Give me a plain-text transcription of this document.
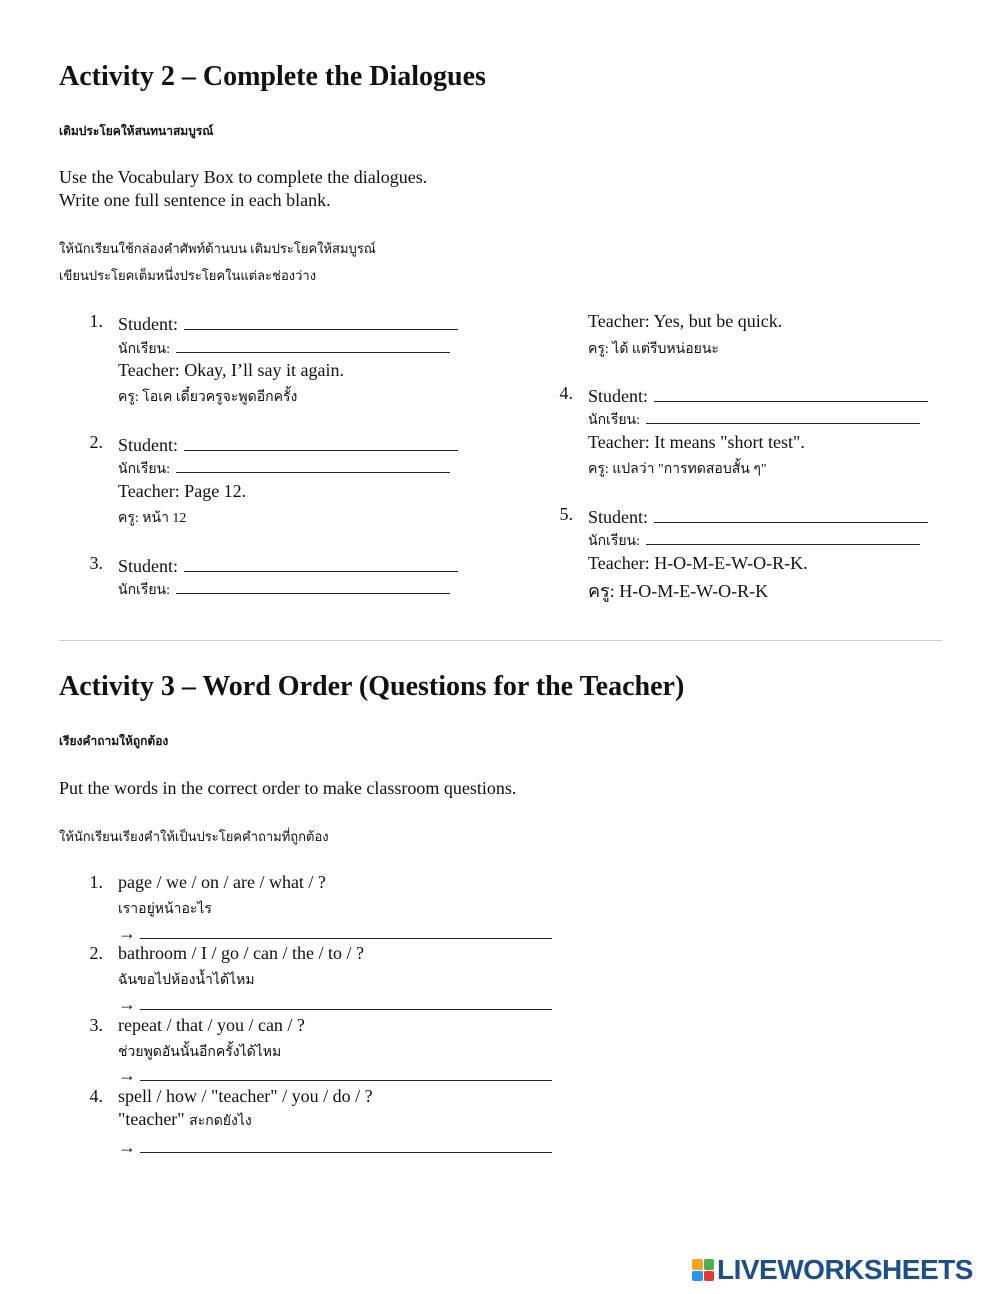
Activity 2 – Complete the Dialogues
เติมประโยคให้สนทนาสมบูรณ์
Use the Vocabulary Box to complete the dialogues.
Write one full sentence in each blank.
ให้นักเรียนใช้กล่องคำศัพท์ด้านบน เติมประโยคให้สมบูรณ์
เขียนประโยคเต็มหนึ่งประโยคในแต่ละช่องว่าง
1. Student:
นักเรียน:
Teacher: Okay, I’ll say it again.
ครู: โอเค เดี๋ยวครูจะพูดอีกครั้ง
2. Student:
นักเรียน:
Teacher: Page 12.
ครู: หน้า 12
3. Student:
นักเรียน:
Teacher: Yes, but be quick.
ครู: ได้ แต่รีบหน่อยนะ
4. Student:
นักเรียน:
Teacher: It means "short test".
ครู: แปลว่า "การทดสอบสั้น ๆ"
5. Student:
นักเรียน:
Teacher: H-O-M-E-W-O-R-K.
ครู: H-O-M-E-W-O-R-K
Activity 3 – Word Order (Questions for the Teacher)
เรียงคำถามให้ถูกต้อง
Put the words in the correct order to make classroom questions.
ให้นักเรียนเรียงคำให้เป็นประโยคคำถามที่ถูกต้อง
1. page / we / on / are / what / ?
เราอยู่หน้าอะไร
→
2. bathroom / I / go / can / the / to / ?
ฉันขอไปห้องน้ำได้ไหม
→
3. repeat / that / you / can / ?
ช่วยพูดอันนั้นอีกครั้งได้ไหม
→
4. spell / how / "teacher" / you / do / ?
"teacher" สะกดยังไง
→
LIVEWORKSHEETS
